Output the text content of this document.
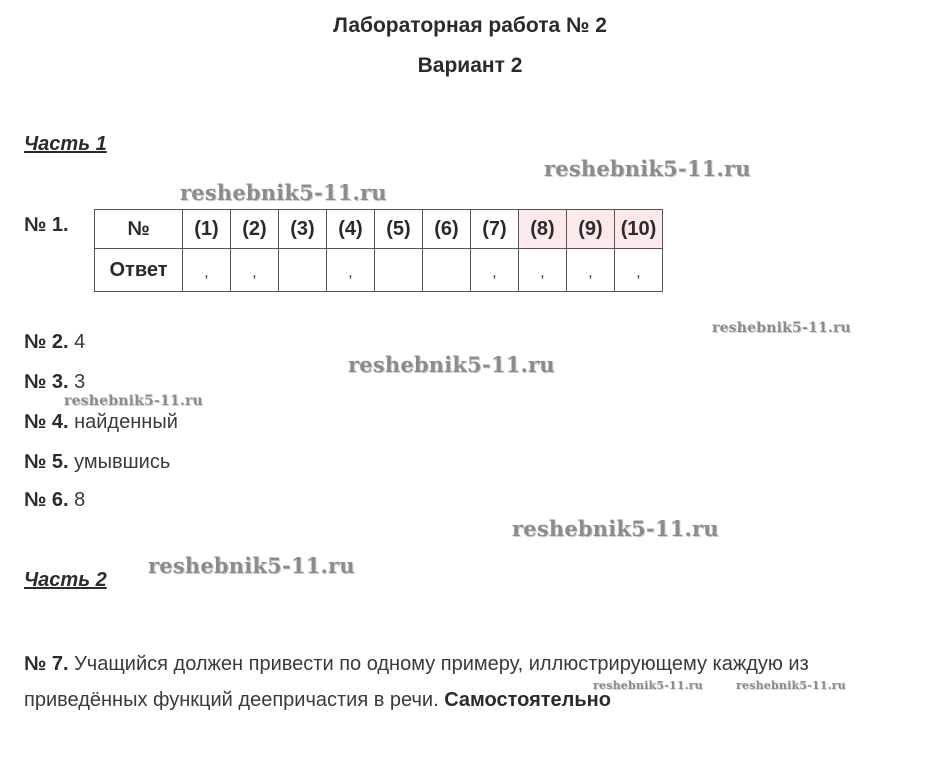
Лабораторная работа № 2
Вариант 2
Часть 1
№ 1.	№	(1)	(2)	(3)	(4)	(5)	(6)	(7)	(8)	(9)	(10)
Ответ	,	,		,			,	,	,	,
№ 2. 4
№ 3. 3
№ 4. найденный
№ 5. умывшись
№ 6. 8
Часть 2
№ 7. Учащийся должен привести по одному примеру, иллюстрирующему каждую из приведённых функций деепричастия в речи. Самостоятельно
reshebnik5-11.ru
reshebnik5-11.ru
reshebnik5-11.ru
reshebnik5-11.ru
reshebnik5-11.ru
reshebnik5-11.ru
reshebnik5-11.ru
reshebnik5-11.ru	reshebnik5-11.ru
